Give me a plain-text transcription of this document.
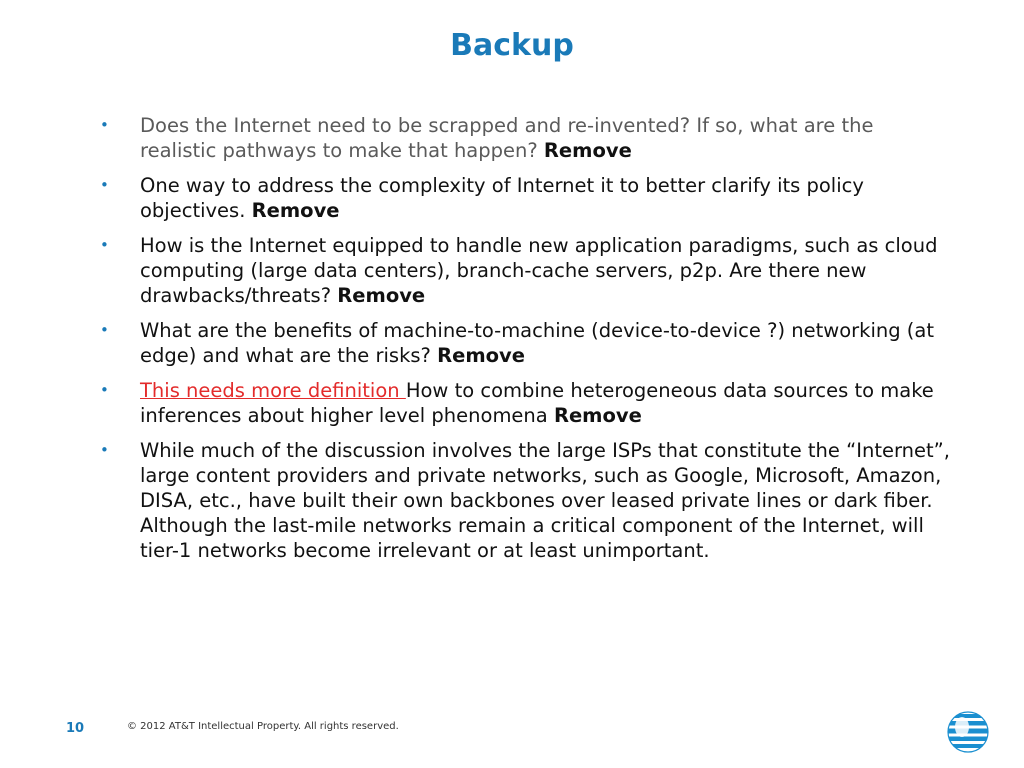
Backup
• Does the Internet need to be scrapped and re-invented? If so, what are the realistic pathways to make that happen? Remove
• One way to address the complexity of Internet it to better clarify its policy objectives. Remove
• How is the Internet equipped to handle new application paradigms, such as cloud computing (large data centers), branch-cache servers, p2p. Are there new drawbacks/threats? Remove
• What are the benefits of machine-to-machine (device-to-device ?) networking (at edge) and what are the risks? Remove
• This needs more definition How to combine heterogeneous data sources to make inferences about higher level phenomena Remove
• While much of the discussion involves the large ISPs that constitute the “Internet”, large content providers and private networks, such as Google, Microsoft, Amazon, DISA, etc., have built their own backbones over leased private lines or dark fiber. Although the last-mile networks remain a critical component of the Internet, will tier-1 networks become irrelevant or at least unimportant.
10	© 2012 AT&T Intellectual Property. All rights reserved.
